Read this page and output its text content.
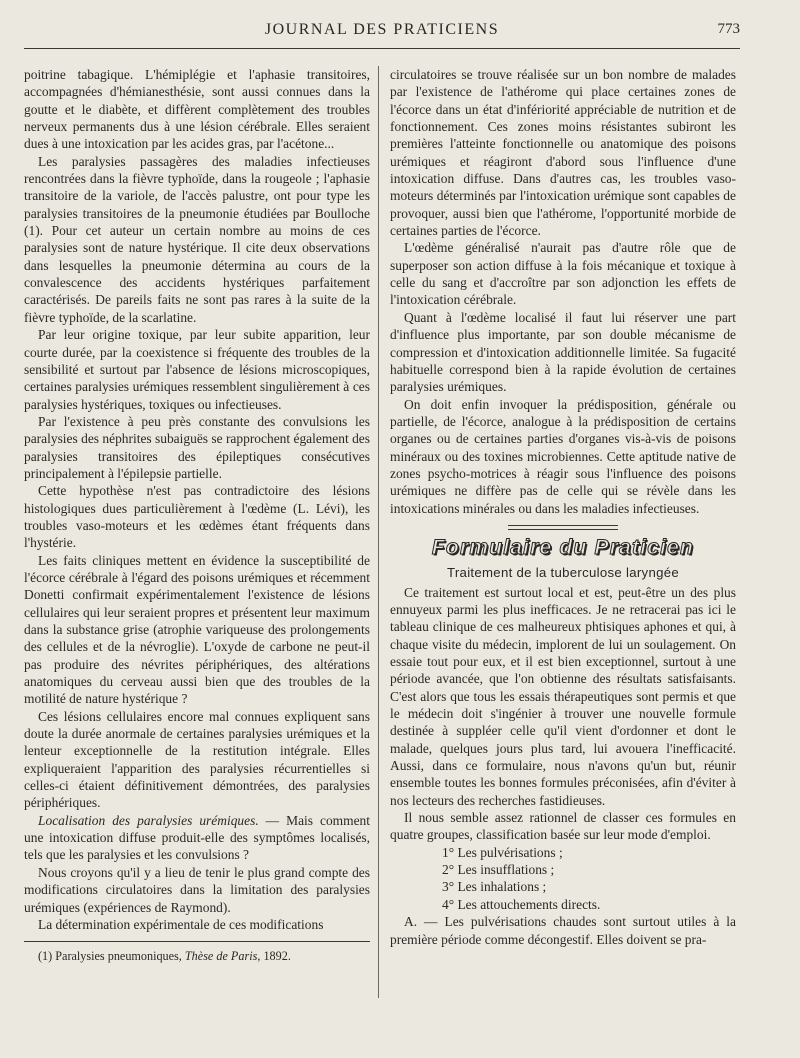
JOURNAL DES PRATICIENS	773

poitrine tabagique. L'hémiplégie et l'aphasie transitoires, accompagnées d'hémianesthésie, sont aussi connues dans la goutte et le diabète, et diffèrent complètement des troubles nerveux permanents dus à une lésion cérébrale. Elles seraient dues à une intoxication par les acides gras, par l'acétone...

Les paralysies passagères des maladies infectieuses rencontrées dans la fièvre typhoïde, dans la rougeole ; l'aphasie transitoire de la variole, de l'accès palustre, ont pour type les paralysies transitoires de la pneumonie étudiées par Boulloche (1). Pour cet auteur un certain nombre au moins de ces paralysies sont de nature hystérique. Il cite deux observations dans lesquelles la pneumonie détermina au cours de la convalescence des accidents hystériques parfaitement caractérisés. De pareils faits ne sont pas rares à la suite de la fièvre typhoïde, de la scarlatine.

Par leur origine toxique, par leur subite apparition, leur courte durée, par la coexistence si fréquente des troubles de la sensibilité et surtout par l'absence de lésions microscopiques, certaines paralysies urémiques ressemblent singulièrement à ces paralysies hystériques, toxiques ou infectieuses.

Par l'existence à peu près constante des convulsions les paralysies des néphrites subaiguës se rapprochent également des paralysies transitoires des épileptiques consécutives principalement à l'épilepsie partielle.

Cette hypothèse n'est pas contradictoire des lésions histologiques dues particulièrement à l'œdème (L. Lévi), les troubles vaso-moteurs et les œdèmes étant fréquents dans l'hystérie.

Les faits cliniques mettent en évidence la susceptibilité de l'écorce cérébrale à l'égard des poisons urémiques et récemment Donetti confirmait expérimentalement l'existence de lésions cellulaires qui leur seraient propres et présentent leur maximum dans la substance grise (atrophie variqueuse des prolongements des cellules et de la névroglie). L'oxyde de carbone ne peut-il pas produire des névrites périphériques, des altérations anatomiques du cerveau aussi bien que des troubles de la motilité de nature hystérique ?

Ces lésions cellulaires encore mal connues expliquent sans doute la durée anormale de certaines paralysies urémiques et la lenteur exceptionnelle de la restitution intégrale. Elles expliqueraient l'apparition des paralysies récurrentielles si celles-ci étaient définitivement démontrées, des paralysies périphériques.

Localisation des paralysies urémiques. — Mais comment une intoxication diffuse produit-elle des symptômes localisés, tels que les paralysies et les convulsions ?

Nous croyons qu'il y a lieu de tenir le plus grand compte des modifications circulatoires dans la limitation des paralysies urémiques (expériences de Raymond).

La détermination expérimentale de ces modifications

(1) Paralysies pneumoniques, Thèse de Paris, 1892.

circulatoires se trouve réalisée sur un bon nombre de malades par l'existence de l'athérome qui place certaines zones de l'écorce dans un état d'infériorité appréciable de nutrition et de fonctionnement. Ces zones moins résistantes subiront les premières l'atteinte fonctionnelle ou anatomique des poisons urémiques et réagiront d'abord sous l'influence d'une intoxication diffuse. Dans d'autres cas, les troubles vaso-moteurs déterminés par l'intoxication urémique sont capables de provoquer, aussi bien que l'athérome, l'opportunité morbide de certaines parties de l'écorce.

L'œdème généralisé n'aurait pas d'autre rôle que de superposer son action diffuse à la fois mécanique et toxique à celle du sang et d'accroître par son adjonction les effets de l'intoxication cérébrale.

Quant à l'œdème localisé il faut lui réserver une part d'influence plus importante, par son double mécanisme de compression et d'intoxication additionnelle limitée. Sa fugacité habituelle correspond bien à la rapide évolution de certaines paralysies urémiques.

On doit enfin invoquer la prédisposition, générale ou partielle, de l'écorce, analogue à la prédisposition de certains organes ou de certaines parties d'organes vis-à-vis de poisons minéraux ou des toxines microbiennes. Cette aptitude native de zones psycho-motrices à réagir sous l'influence des poisons urémiques ne diffère pas de celle qui se révèle dans les intoxications minérales ou dans les maladies infectieuses.

Formulaire du Praticien
Traitement de la tuberculose laryngée

Ce traitement est surtout local et est, peut-être un des plus ennuyeux parmi les plus inefficaces. Je ne retracerai pas ici le tableau clinique de ces malheureux phtisiques aphones et qui, à chaque visite du médecin, implorent de lui un soulagement. On essaie tout pour eux, et il est bien exceptionnel, surtout à une période avancée, que l'on obtienne des résultats satisfaisants. C'est alors que tous les essais thérapeutiques sont permis et que le médecin doit s'ingénier à trouver une nouvelle formule destinée à suppléer celle qu'il vient d'ordonner et dont le malade, quelques jours plus tard, lui avouera l'inefficacité. Aussi, dans ce formulaire, nous n'avons qu'un but, réunir ensemble toutes les bonnes formules préconisées, afin d'éviter à nos lecteurs des recherches fastidieuses.

Il nous semble assez rationnel de classer ces formules en quatre groupes, classification basée sur leur mode d'emploi.

1° Les pulvérisations ;
2° Les insufflations ;
3° Les inhalations ;
4° Les attouchements directs.

A. — Les pulvérisations chaudes sont surtout utiles à la première période comme décongestif. Elles doivent se pra-
